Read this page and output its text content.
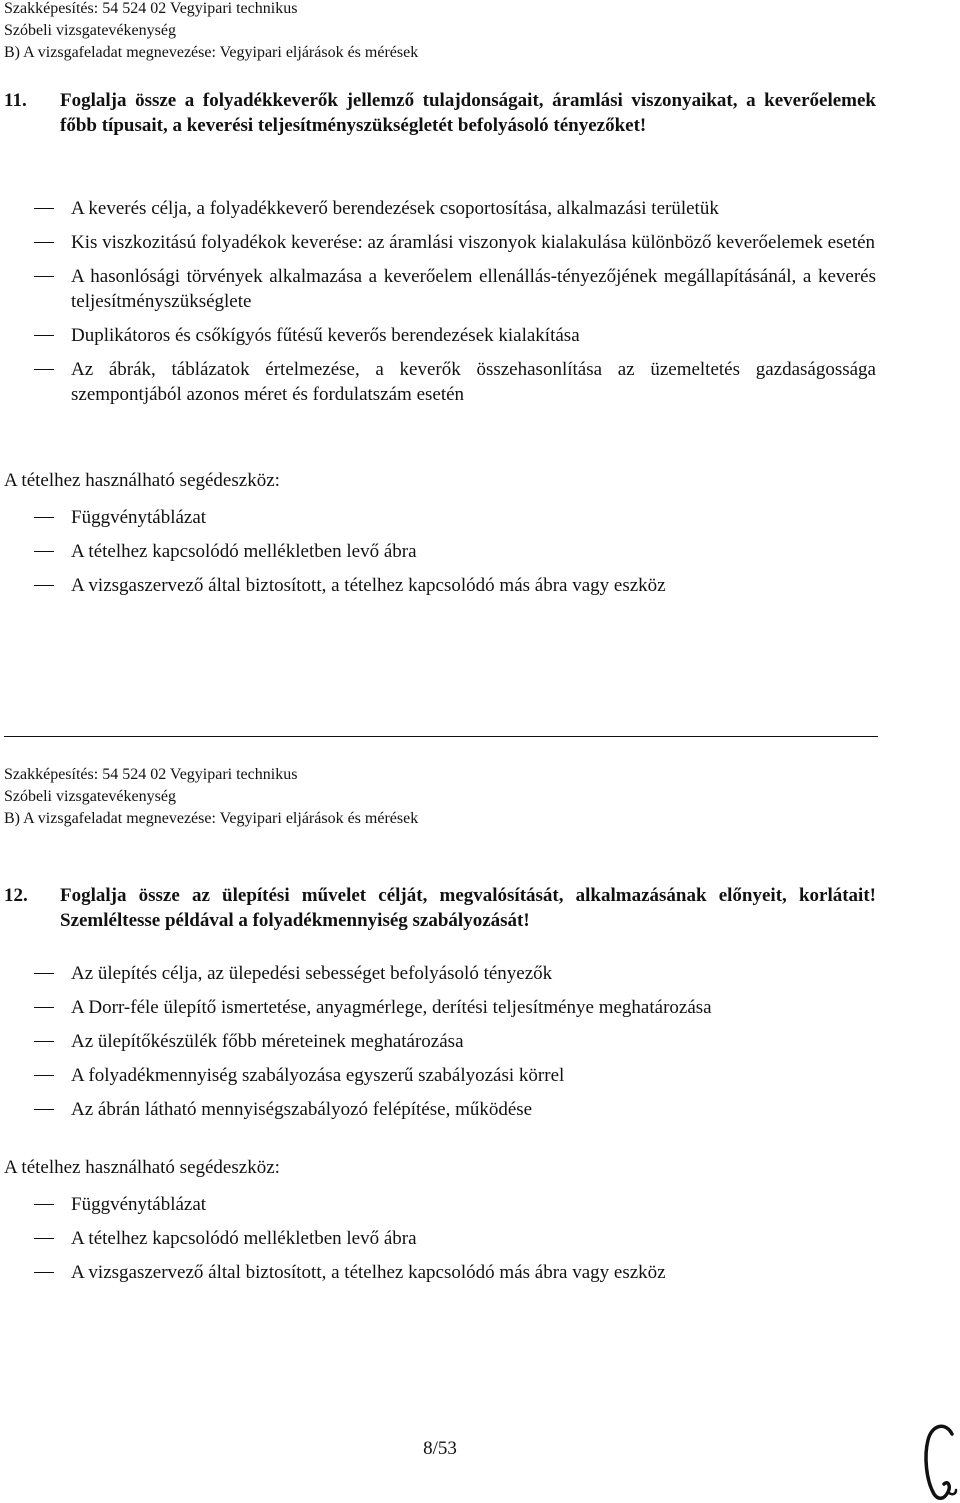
Szakképesítés: 54 524 02 Vegyipari technikus
Szóbeli vizsgatevékenység
B) A vizsgafeladat megnevezése: Vegyipari eljárások és mérések
11.	Foglalja össze a folyadékkeverők jellemző tulajdonságait, áramlási viszonyaikat, a keverőelemek főbb típusait, a keverési teljesítményszükségletét befolyásoló tényezőket!
A keverés célja, a folyadékkeverő berendezések csoportosítása, alkalmazási területük
Kis viszkozitású folyadékok keverése: az áramlási viszonyok kialakulása különböző keverőelemek esetén
A hasonlósági törvények alkalmazása a keverőelem ellenállás-tényezőjének megállapításánál, a keverés teljesítményszükséglete
Duplikátoros és csőkígyós fűtésű keverős berendezések kialakítása
Az ábrák, táblázatok értelmezése, a keverők összehasonlítása az üzemeltetés gazdaságossága szempontjából azonos méret és fordulatszám esetén
A tételhez használható segédeszköz:
Függvénytáblázat
A tételhez kapcsolódó mellékletben levő ábra
A vizsgaszervező által biztosított, a tételhez kapcsolódó más ábra vagy eszköz
Szakképesítés: 54 524 02 Vegyipari technikus
Szóbeli vizsgatevékenység
B) A vizsgafeladat megnevezése: Vegyipari eljárások és mérések
12.	Foglalja össze az ülepítési művelet célját, megvalósítását, alkalmazásának előnyeit, korlátait! Szemléltesse példával a folyadékmennyiség szabályozását!
Az ülepítés célja, az ülepedési sebességet befolyásoló tényezők
A Dorr-féle ülepítő ismertetése, anyagmérlege, derítési teljesítménye meghatározása
Az ülepítőkészülék főbb méreteinek meghatározása
A folyadékmennyiség szabályozása egyszerű szabályozási körrel
Az ábrán látható mennyiségszabályozó felépítése, működése
A tételhez használható segédeszköz:
Függvénytáblázat
A tételhez kapcsolódó mellékletben levő ábra
A vizsgaszervező által biztosított, a tételhez kapcsolódó más ábra vagy eszköz
8/53
